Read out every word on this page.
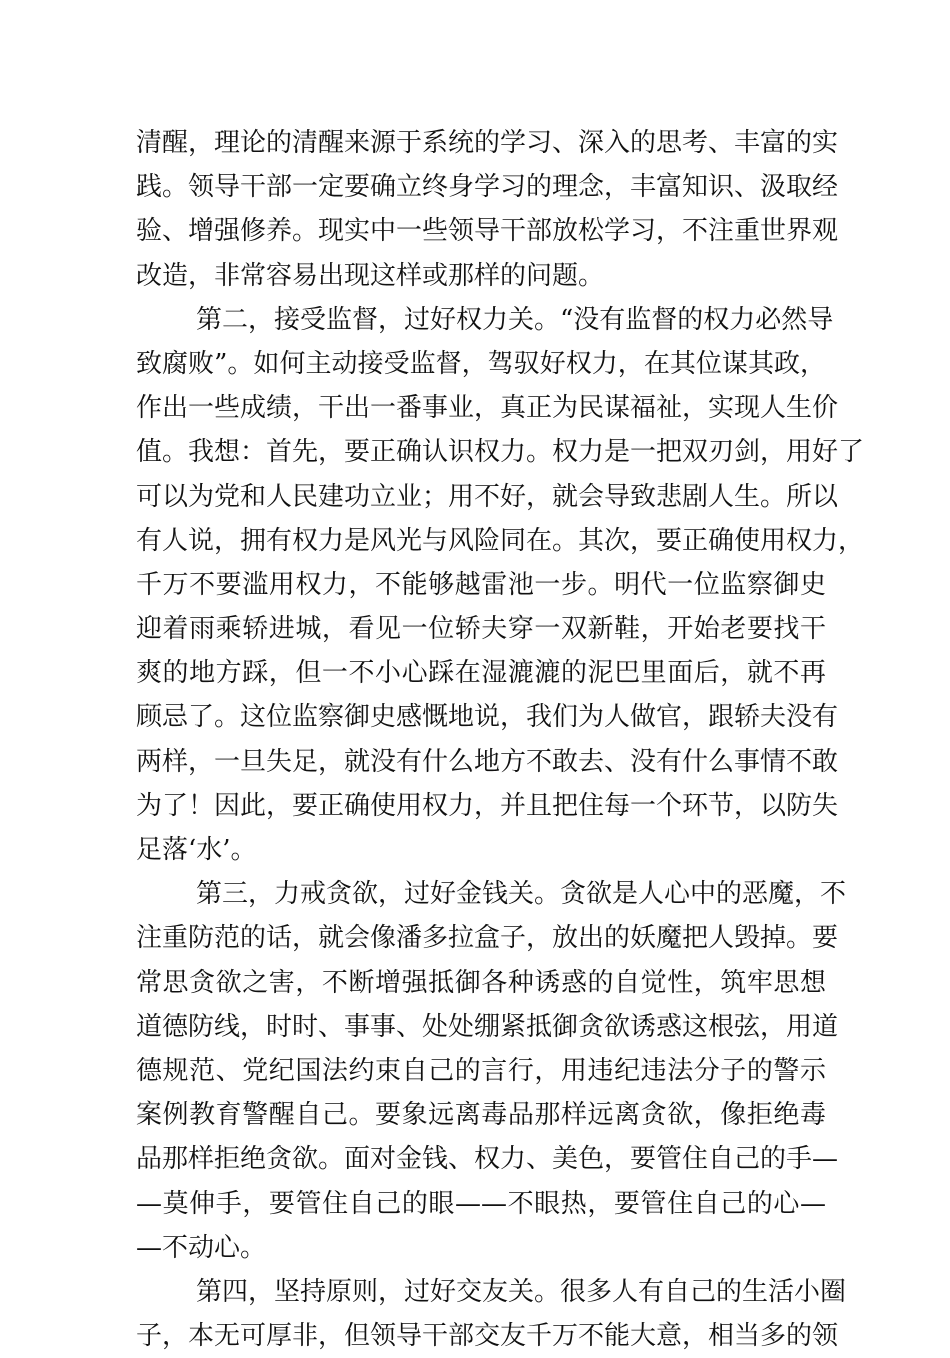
清醒，理论的清醒来源于系统的学习、深入的思考、丰富的实
践。领导干部一定要确立终身学习的理念，丰富知识、汲取经
验、增强修养。现实中一些领导干部放松学习，不注重世界观
改造，非常容易出现这样或那样的问题。
第二，接受监督，过好权力关。“没有监督的权力必然导
致腐败”。如何主动接受监督，驾驭好权力，在其位谋其政，
作出一些成绩，干出一番事业，真正为民谋福祉，实现人生价
值。我想：首先，要正确认识权力。权力是一把双刃剑，用好了
可以为党和人民建功立业；用不好，就会导致悲剧人生。所以
有人说，拥有权力是风光与风险同在。其次，要正确使用权力，
千万不要滥用权力，不能够越雷池一步。明代一位监察御史
迎着雨乘轿进城，看见一位轿夫穿一双新鞋，开始老要找干
爽的地方踩，但一不小心踩在湿漉漉的泥巴里面后，就不再
顾忌了。这位监察御史感慨地说，我们为人做官，跟轿夫没有
两样，一旦失足，就没有什么地方不敢去、没有什么事情不敢
为了！因此，要正确使用权力，并且把住每一个环节，以防失
足落‘水’。
第三，力戒贪欲，过好金钱关。贪欲是人心中的恶魔，不
注重防范的话，就会像潘多拉盒子，放出的妖魔把人毁掉。要
常思贪欲之害，不断增强抵御各种诱惑的自觉性，筑牢思想
道德防线，时时、事事、处处绷紧抵御贪欲诱惑这根弦，用道
德规范、党纪国法约束自己的言行，用违纪违法分子的警示
案例教育警醒自己。要象远离毒品那样远离贪欲，像拒绝毒
品那样拒绝贪欲。面对金钱、权力、美色，要管住自己的手—
—莫伸手，要管住自己的眼——不眼热，要管住自己的心—
—不动心。
第四，坚持原则，过好交友关。很多人有自己的生活小圈
子，本无可厚非，但领导干部交友千万不能大意，相当多的领
